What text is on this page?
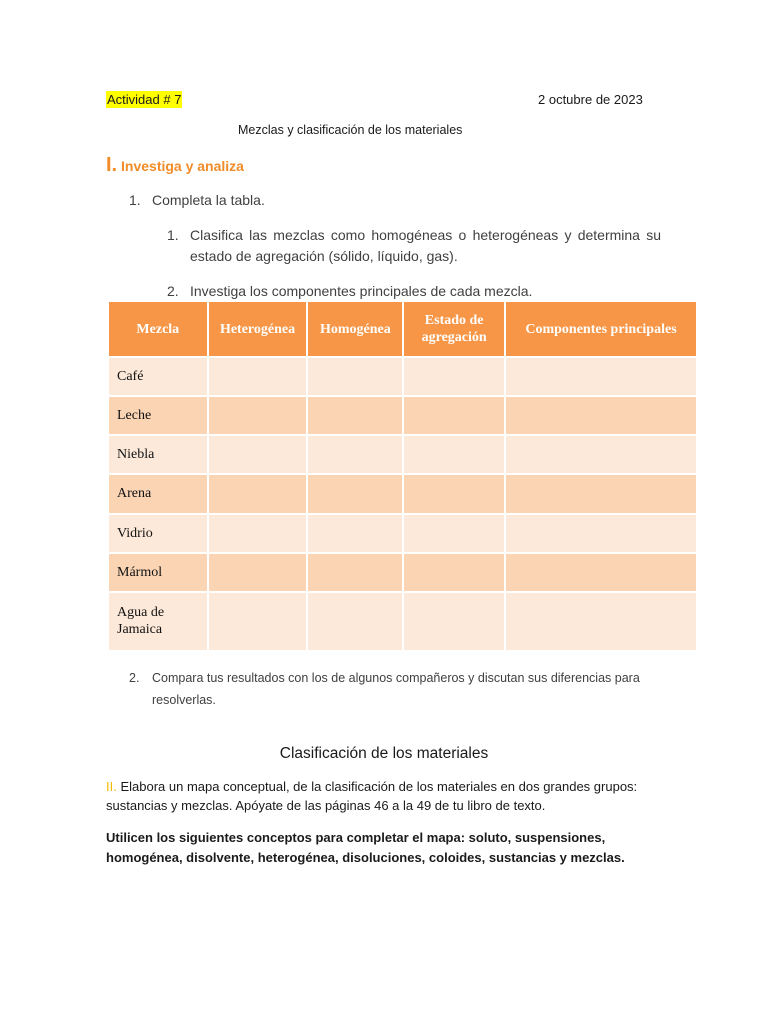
Actividad # 7	2 octubre de 2023
Mezclas y clasificación de los materiales
I. Investiga y analiza
1. Completa la tabla.
1. Clasifica las mezclas como homogéneas o heterogéneas y determina su estado de agregación (sólido, líquido, gas).
2. Investiga los componentes principales de cada mezcla.
Mezcla	Heterogénea	Homogénea	Estado de agregación	Componentes principales
Café				
Leche				
Niebla				
Arena				
Vidrio				
Mármol				
Agua de Jamaica				
2. Compara tus resultados con los de algunos compañeros y discutan sus diferencias para resolverlas.
Clasificación de los materiales
II. Elabora un mapa conceptual, de la clasificación de los materiales en dos grandes grupos: sustancias y mezclas. Apóyate de las páginas 46 a la 49 de tu libro de texto.
Utilicen los siguientes conceptos para completar el mapa: soluto, suspensiones, homogénea, disolvente, heterogénea, disoluciones, coloides, sustancias y mezclas.
